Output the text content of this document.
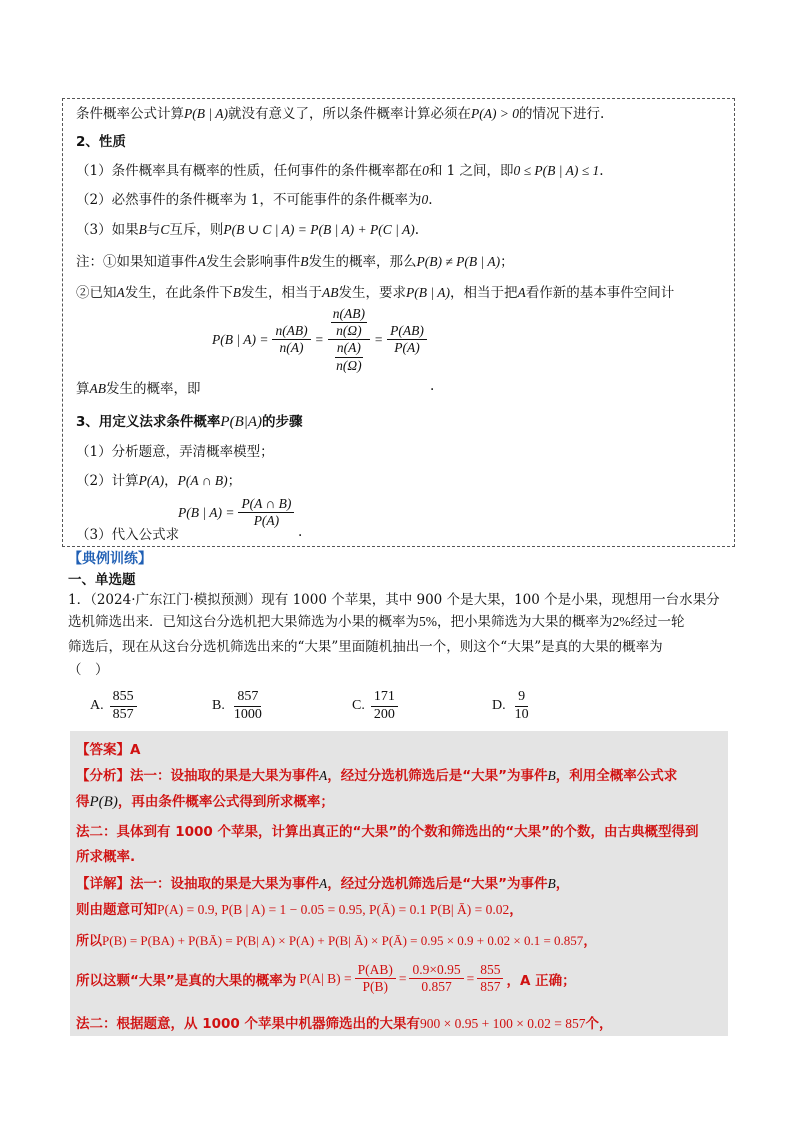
条件概率公式计算P(B | A)就没有意义了，所以条件概率计算必须在P(A) > 0的情况下进行.
2、性质
（1）条件概率具有概率的性质，任何事件的条件概率都在0和 1 之间，即0 ≤ P(B | A) ≤ 1.
（2）必然事件的条件概率为 1，不可能事件的条件概率为0.
（3）如果B与C互斥，则P(B ∪ C | A) = P(B | A) + P(C | A).
注：①如果知道事件A发生会影响事件B发生的概率，那么P(B) ≠ P(B | A)；
②已知A发生，在此条件下B发生，相当于AB发生，要求P(B | A)，相当于把A看作新的基本事件空间计
P(B | $A) = \frac{n(AB)}{n(A)} = \frac{\frac{n(AB)}{n(\Omega)}}{\frac{n(A)}{n(\Omega)}} = \frac{P(AB)}{P(A)}$
算AB发生的概率，即	.
3、用定义法求条件概率P(B|A)的步骤
（1）分析题意，弄清概率模型；
（2）计算P(A)，P(A ∩ B)；
（3）代入公式求
P(B | $A) = \frac{P(A \cap B)}{P(A)}$
.
【典例训练】
一、单选题
1．（2024·广东江门·模拟预测）现有 1000 个苹果，其中 900 个是大果，100 个是小果，现想用一台水果分
选机筛选出来．已知这台分选机把大果筛选为小果的概率为5%，把小果筛选为大果的概率为2%经过一轮
筛选后，现在从这台分选机筛选出来的“大果”里面随机抽出一个，则这个“大果”是真的大果的概率为
（　）
A. $\frac{855}{857}$	B. $\frac{857}{1000}$	C. $\frac{171}{200}$	D. $\frac{9}{10}$
【答案】A
【分析】法一：设抽取的果是大果为事件A，经过分选机筛选后是“大果”为事件B，利用全概率公式求
得P(B)，再由条件概率公式得到所求概率；
法二：具体到有 1000 个苹果，计算出真正的“大果”的个数和筛选出的“大果”的个数，由古典概型得到
所求概率.
【详解】法一：设抽取的果是大果为事件A，经过分选机筛选后是“大果”为事件B，
则由题意可知P(A) = 0.9, P(B | A) = 1 − 0.05 = 0.95, P(Ā) = 0.1 P(B| Ā) = 0.02，
所以P(B) = P(BA) + P(BĀ) = P(B| A) × P(A) + P(B| Ā) × P(Ā) = 0.95 × 0.9 + 0.02 × 0.1 = 0.857，
所以这颗“大果”是真的大果的概率为 P(A| $B) = \frac{P(AB)}{P(B)} = \frac{0.9\times 0.95}{0.857} = \frac{855}{857}$ ，A 正确；
法二：根据题意，从 1000 个苹果中机器筛选出的大果有900 × 0.95 + 100 × 0.02 = 857个，
